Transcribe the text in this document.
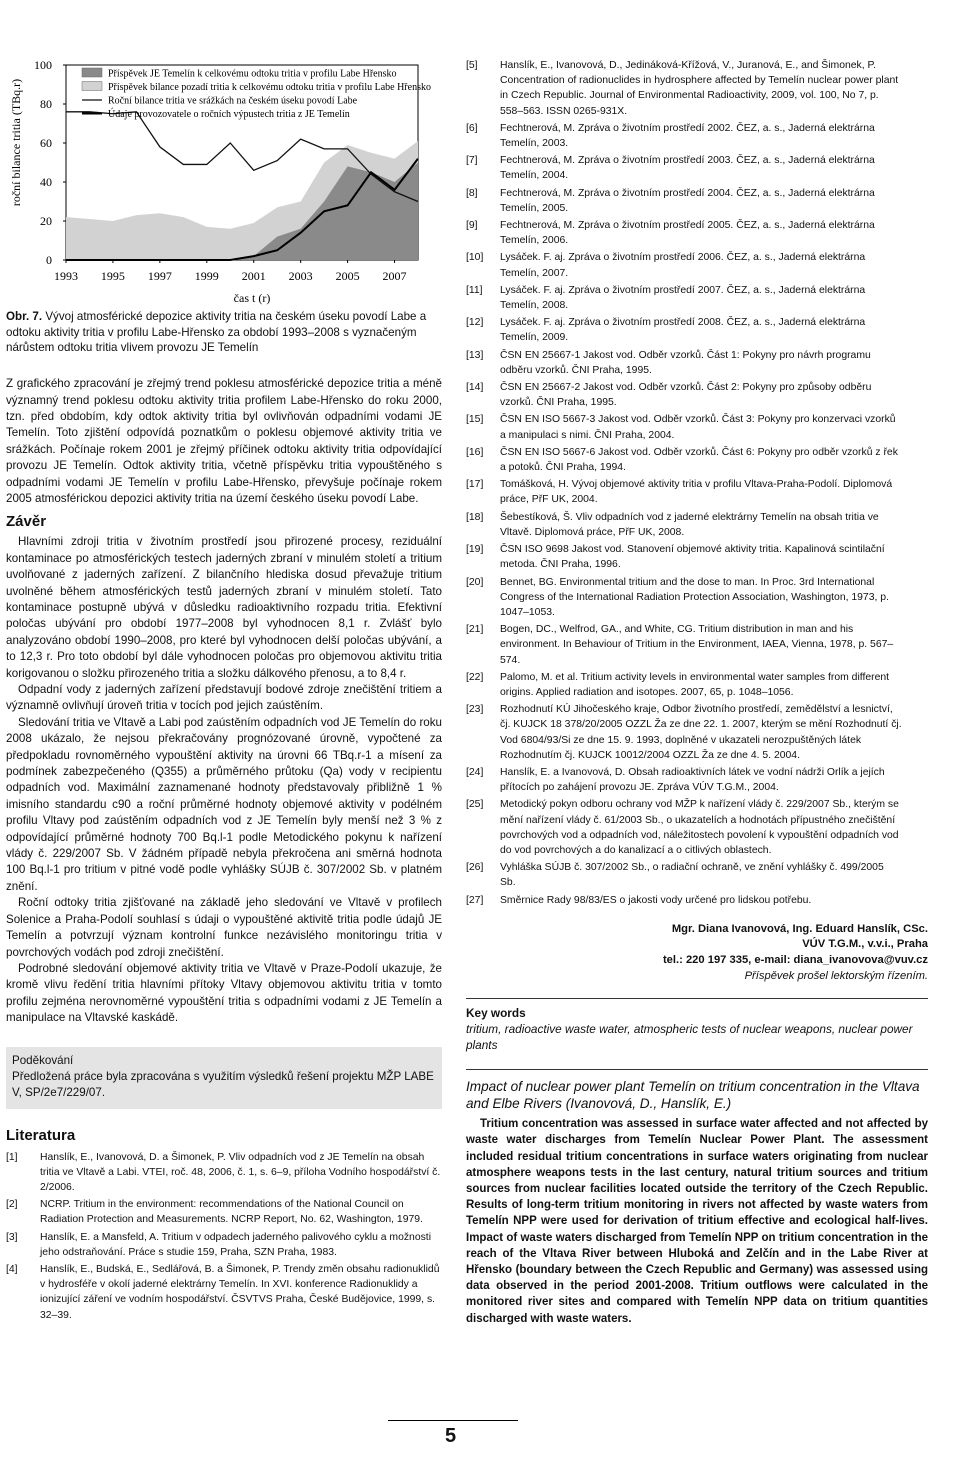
0
20
40
60
80
100
1993 1995 1997 1999 2001 2003 2005 2007
čas t (r)
roční bilance tritia (TBq.r)
Příspěvek JE Temelín k celkovému odtoku tritia v profilu Labe Hřensko
Příspěvek bilance pozadí tritia k celkovému odtoku tritia v profilu Labe Hřensko
Roční bilance tritia ve srážkách na českém úseku povodí Labe
Údaje provozovatele o ročních výpustech tritia z JE Temelín
Obr. 7. Vývoj atmosférické depozice aktivity tritia na českém úseku povodí Labe a odtoku aktivity tritia v profilu Labe-Hřensko za období 1993–2008 s vyznačeným nárůstem odtoku tritia vlivem provozu JE Temelín

Z grafického zpracování je zřejmý trend poklesu atmosférické depozice tritia a méně významný trend poklesu odtoku aktivity tritia profilem Labe-Hřensko do roku 2000, tzn. před obdobím, kdy odtok aktivity tritia byl ovlivňován odpadními vodami JE Temelín. Toto zjištění odpovídá poznatkům o poklesu objemové aktivity tritia ve srážkách. Počínaje rokem 2001 je zřejmý příčinek odtoku aktivity tritia odpovídající provozu JE Temelín. Odtok aktivity tritia, včetně příspěvku tritia vypouštěného s odpadními vodami JE Temelín v profilu Labe-Hřensko, převyšuje počínaje rokem 2005 atmosférickou depozici aktivity tritia na území českého úseku povodí Labe.

Závěr

Hlavními zdroji tritia v životním prostředí jsou přirozené procesy, reziduální kontaminace po atmosférických testech jaderných zbraní v minulém století a tritium uvolňované z jaderných zařízení. Z bilančního hlediska dosud převažuje tritium uvolněné během atmosférických testů jaderných zbraní v minulém století. Tato kontaminace postupně ubývá v důsledku radioaktivního rozpadu tritia. Efektivní poločas ubývání pro období 1977–2008 byl vyhodnocen 8,1 r. Zvlášť bylo analyzováno období 1990–2008, pro které byl vyhodnocen delší poločas ubývání, a to 12,3 r. Pro toto období byl dále vyhodnocen poločas pro objemovou aktivitu tritia korigovanou o složku přirozeného tritia a složku dálkového přenosu, a to 8,4 r.

Odpadní vody z jaderných zařízení představují bodové zdroje znečištění tritiem a významně ovlivňují úroveň tritia v tocích pod jejich zaústěním.

Sledování tritia ve Vltavě a Labi pod zaústěním odpadních vod JE Temelín do roku 2008 ukázalo, že nejsou překračovány prognózované úrovně, vypočtené za předpokladu rovnoměrného vypouštění aktivity na úrovni 66 TBq.r-1 a mísení za podmínek zabezpečeného (Q355) a průměrného průtoku (Qa) vody v recipientu odpadních vod. Maximální zaznamenané hodnoty představovaly přibližně 1 % imisního standardu c90 a roční průměrné hodnoty objemové aktivity v podélném profilu Vltavy pod zaústěním odpadních vod z JE Temelín byly menší než 3 % z odpovídající průměrné hodnoty 700 Bq.l-1 podle Metodického pokynu k nařízení vlády č. 229/2007 Sb. V žádném případě nebyla překročena ani směrná hodnota 100 Bq.l-1 pro tritium v pitné vodě podle vyhlášky SÚJB č. 307/2002 Sb. v platném znění.

Roční odtoky tritia zjišťované na základě jeho sledování ve Vltavě v profilech Solenice a Praha-Podolí souhlasí s údaji o vypouštěné aktivitě tritia podle údajů JE Temelín a potvrzují význam kontrolní funkce nezávislého monitoringu tritia v povrchových vodách pod zdroji znečištění.

Podrobné sledování objemové aktivity tritia ve Vltavě v Praze-Podolí ukazuje, že kromě vlivu ředění tritia hlavními přítoky Vltavy objemovou aktivitu tritia v tomto profilu zejména nerovnoměrné vypouštění tritia s odpadními vodami z JE Temelín a manipulace na Vltavské kaskádě.

Poděkování
Předložená práce byla zpracována s využitím výsledků řešení projektu MŽP LABE V, SP/2e7/229/07.
Literatura
[1] Hanslík, E., Ivanovová, D. a Šimonek, P. Vliv odpadních vod z JE Temelín na obsah tritia ve Vltavě a Labi. VTEI, roč. 48, 2006, č. 1, s. 6–9, příloha Vodního hospodářství č. 2/2006.
[2] NCRP. Tritium in the environment: recommendations of the National Council on Radiation Protection and Measurements. NCRP Report, No. 62, Washington, 1979.
[3] Hanslík, E. a Mansfeld, A. Tritium v odpadech jaderného palivového cyklu a možnosti jeho odstraňování. Práce s studie 159, Praha, SZN Praha, 1983.
[4] Hanslík, E., Budská, E., Sedlářová, B. a Šimonek, P. Trendy změn obsahu radionuklidů v hydrosféře v okolí jaderné elektrárny Temelín. In XVI. konference Radionuklidy a ionizující záření ve vodním hospodářství. ČSVTVS Praha, České Budějovice, 1999, s. 32–39.
[5] Hanslík, E., Ivanovová, D., Jedináková-Křížová, V., Juranová, E., and Šimonek, P. Concentration of radionuclides in hydrosphere affected by Temelín nuclear power plant in Czech Republic. Journal of Environmental Radioactivity, 2009, vol. 100, No 7, p. 558–563. ISSN 0265-931X.
[6] Fechtnerová, M. Zpráva o životním prostředí 2002. ČEZ, a. s., Jaderná elektrárna Temelín, 2003.
[7] Fechtnerová, M. Zpráva o životním prostředí 2003. ČEZ, a. s., Jaderná elektrárna Temelín, 2004.
[8] Fechtnerová, M. Zpráva o životním prostředí 2004. ČEZ, a. s., Jaderná elektrárna Temelín, 2005.
[9] Fechtnerová, M. Zpráva o životním prostředí 2005. ČEZ, a. s., Jaderná elektrárna Temelín, 2006.
[10] Lysáček. F. aj. Zpráva o životním prostředí 2006. ČEZ, a. s., Jaderná elektrárna Temelín, 2007.
[11] Lysáček. F. aj. Zpráva o životním prostředí 2007. ČEZ, a. s., Jaderná elektrárna Temelín, 2008.
[12] Lysáček. F. aj. Zpráva o životním prostředí 2008. ČEZ, a. s., Jaderná elektrárna Temelín, 2009.
[13] ČSN EN 25667-1 Jakost vod. Odběr vzorků. Část 1: Pokyny pro návrh programu odběru vzorků. ČNI Praha, 1995.
[14] ČSN EN 25667-2 Jakost vod. Odběr vzorků. Část 2: Pokyny pro způsoby odběru vzorků. ČNI Praha, 1995.
[15] ČSN EN ISO 5667-3 Jakost vod. Odběr vzorků. Část 3: Pokyny pro konzervaci vzorků a manipulaci s nimi. ČNI Praha, 2004.
[16] ČSN EN ISO 5667-6 Jakost vod. Odběr vzorků. Část 6: Pokyny pro odběr vzorků z řek a potoků. ČNI Praha, 1994.
[17] Tomášková, H. Vývoj objemové aktivity tritia v profilu Vltava-Praha-Podolí. Diplomová práce, PřF UK, 2004.
[18] Šebestíková, Š. Vliv odpadních vod z jaderné elektrárny Temelín na obsah tritia ve Vltavě. Diplomová práce, PřF UK, 2008.
[19] ČSN ISO 9698 Jakost vod. Stanovení objemové aktivity tritia. Kapalinová scintilační metoda. ČNI Praha, 1996.
[20] Bennet, BG. Environmental tritium and the dose to man. In Proc. 3rd International Congress of the International Radiation Protection Association, Washington, 1973, p. 1047–1053.
[21] Bogen, DC., Welfrod, GA., and White, CG. Tritium distribution in man and his environment. In Behaviour of Tritium in the Environment, IAEA, Vienna, 1978, p. 567–574.
[22] Palomo, M. et al. Tritium activity levels in environmental water samples from different origins. Applied radiation and isotopes. 2007, 65, p. 1048–1056.
[23] Rozhodnutí KÚ Jihočeského kraje, Odbor životního prostředí, zemědělství a lesnictví, čj. KUJCK 18 378/20/2005 OZZL Ža ze dne 22. 1. 2007, kterým se mění Rozhodnutí čj. Vod 6804/93/Si ze dne 15. 9. 1993, doplněné v ukazateli nerozpuštěných látek Rozhodnutím čj. KUJCK 10012/2004 OZZL Ža ze dne 4. 5. 2004.
[24] Hanslík, E. a Ivanovová, D. Obsah radioaktivních látek ve vodní nádrži Orlík a jejích přítocích po zahájení provozu JE. Zpráva VÚV T.G.M., 2004.
[25] Metodický pokyn odboru ochrany vod MŽP k nařízení vlády č. 229/2007 Sb., kterým se mění nařízení vlády č. 61/2003 Sb., o ukazatelích a hodnotách přípustného znečištění povrchových vod a odpadních vod, náležitostech povolení k vypouštění odpadních vod do vod povrchových a do kanalizací a o citlivých oblastech.
[26] Vyhláška SÚJB č. 307/2002 Sb., o radiační ochraně, ve znění vyhlášky č. 499/2005 Sb.
[27] Směrnice Rady 98/83/ES o jakosti vody určené pro lidskou potřebu.
Mgr. Diana Ivanovová, Ing. Eduard Hanslík, CSc.
VÚV T.G.M., v.v.i., Praha
tel.: 220 197 335, e-mail: diana_ivanovova@vuv.cz
Příspěvek prošel lektorským řízením.
Key words
tritium, radioactive waste water, atmospheric tests of nuclear weapons, nuclear power plants
Impact of nuclear power plant Temelín on tritium concentration in the Vltava and Elbe Rivers (Ivanovová, D., Hanslík, E.)
Tritium concentration was assessed in surface water affected and not affected by waste water discharges from Temelín Nuclear Power Plant. The assessment included residual tritium concentrations in surface waters originating from nuclear atmosphere weapons tests in the last century, natural tritium sources and tritium sources from nuclear facilities located outside the territory of the Czech Republic. Results of long-term tritium monitoring in rivers not affected by waste waters from Temelín NPP were used for derivation of tritium effective and ecological half-lives. Impact of waste waters discharged from Temelín NPP on tritium concentration in the reach of the Vltava River between Hluboká and Zelčín and in the Labe River at Hřensko (boundary between the Czech Republic and Germany) was assessed using data observed in the period 2001-2008. Tritium outflows were calculated in the monitored river sites and compared with Temelín NPP data on tritium quantities discharged with waste waters.
5
